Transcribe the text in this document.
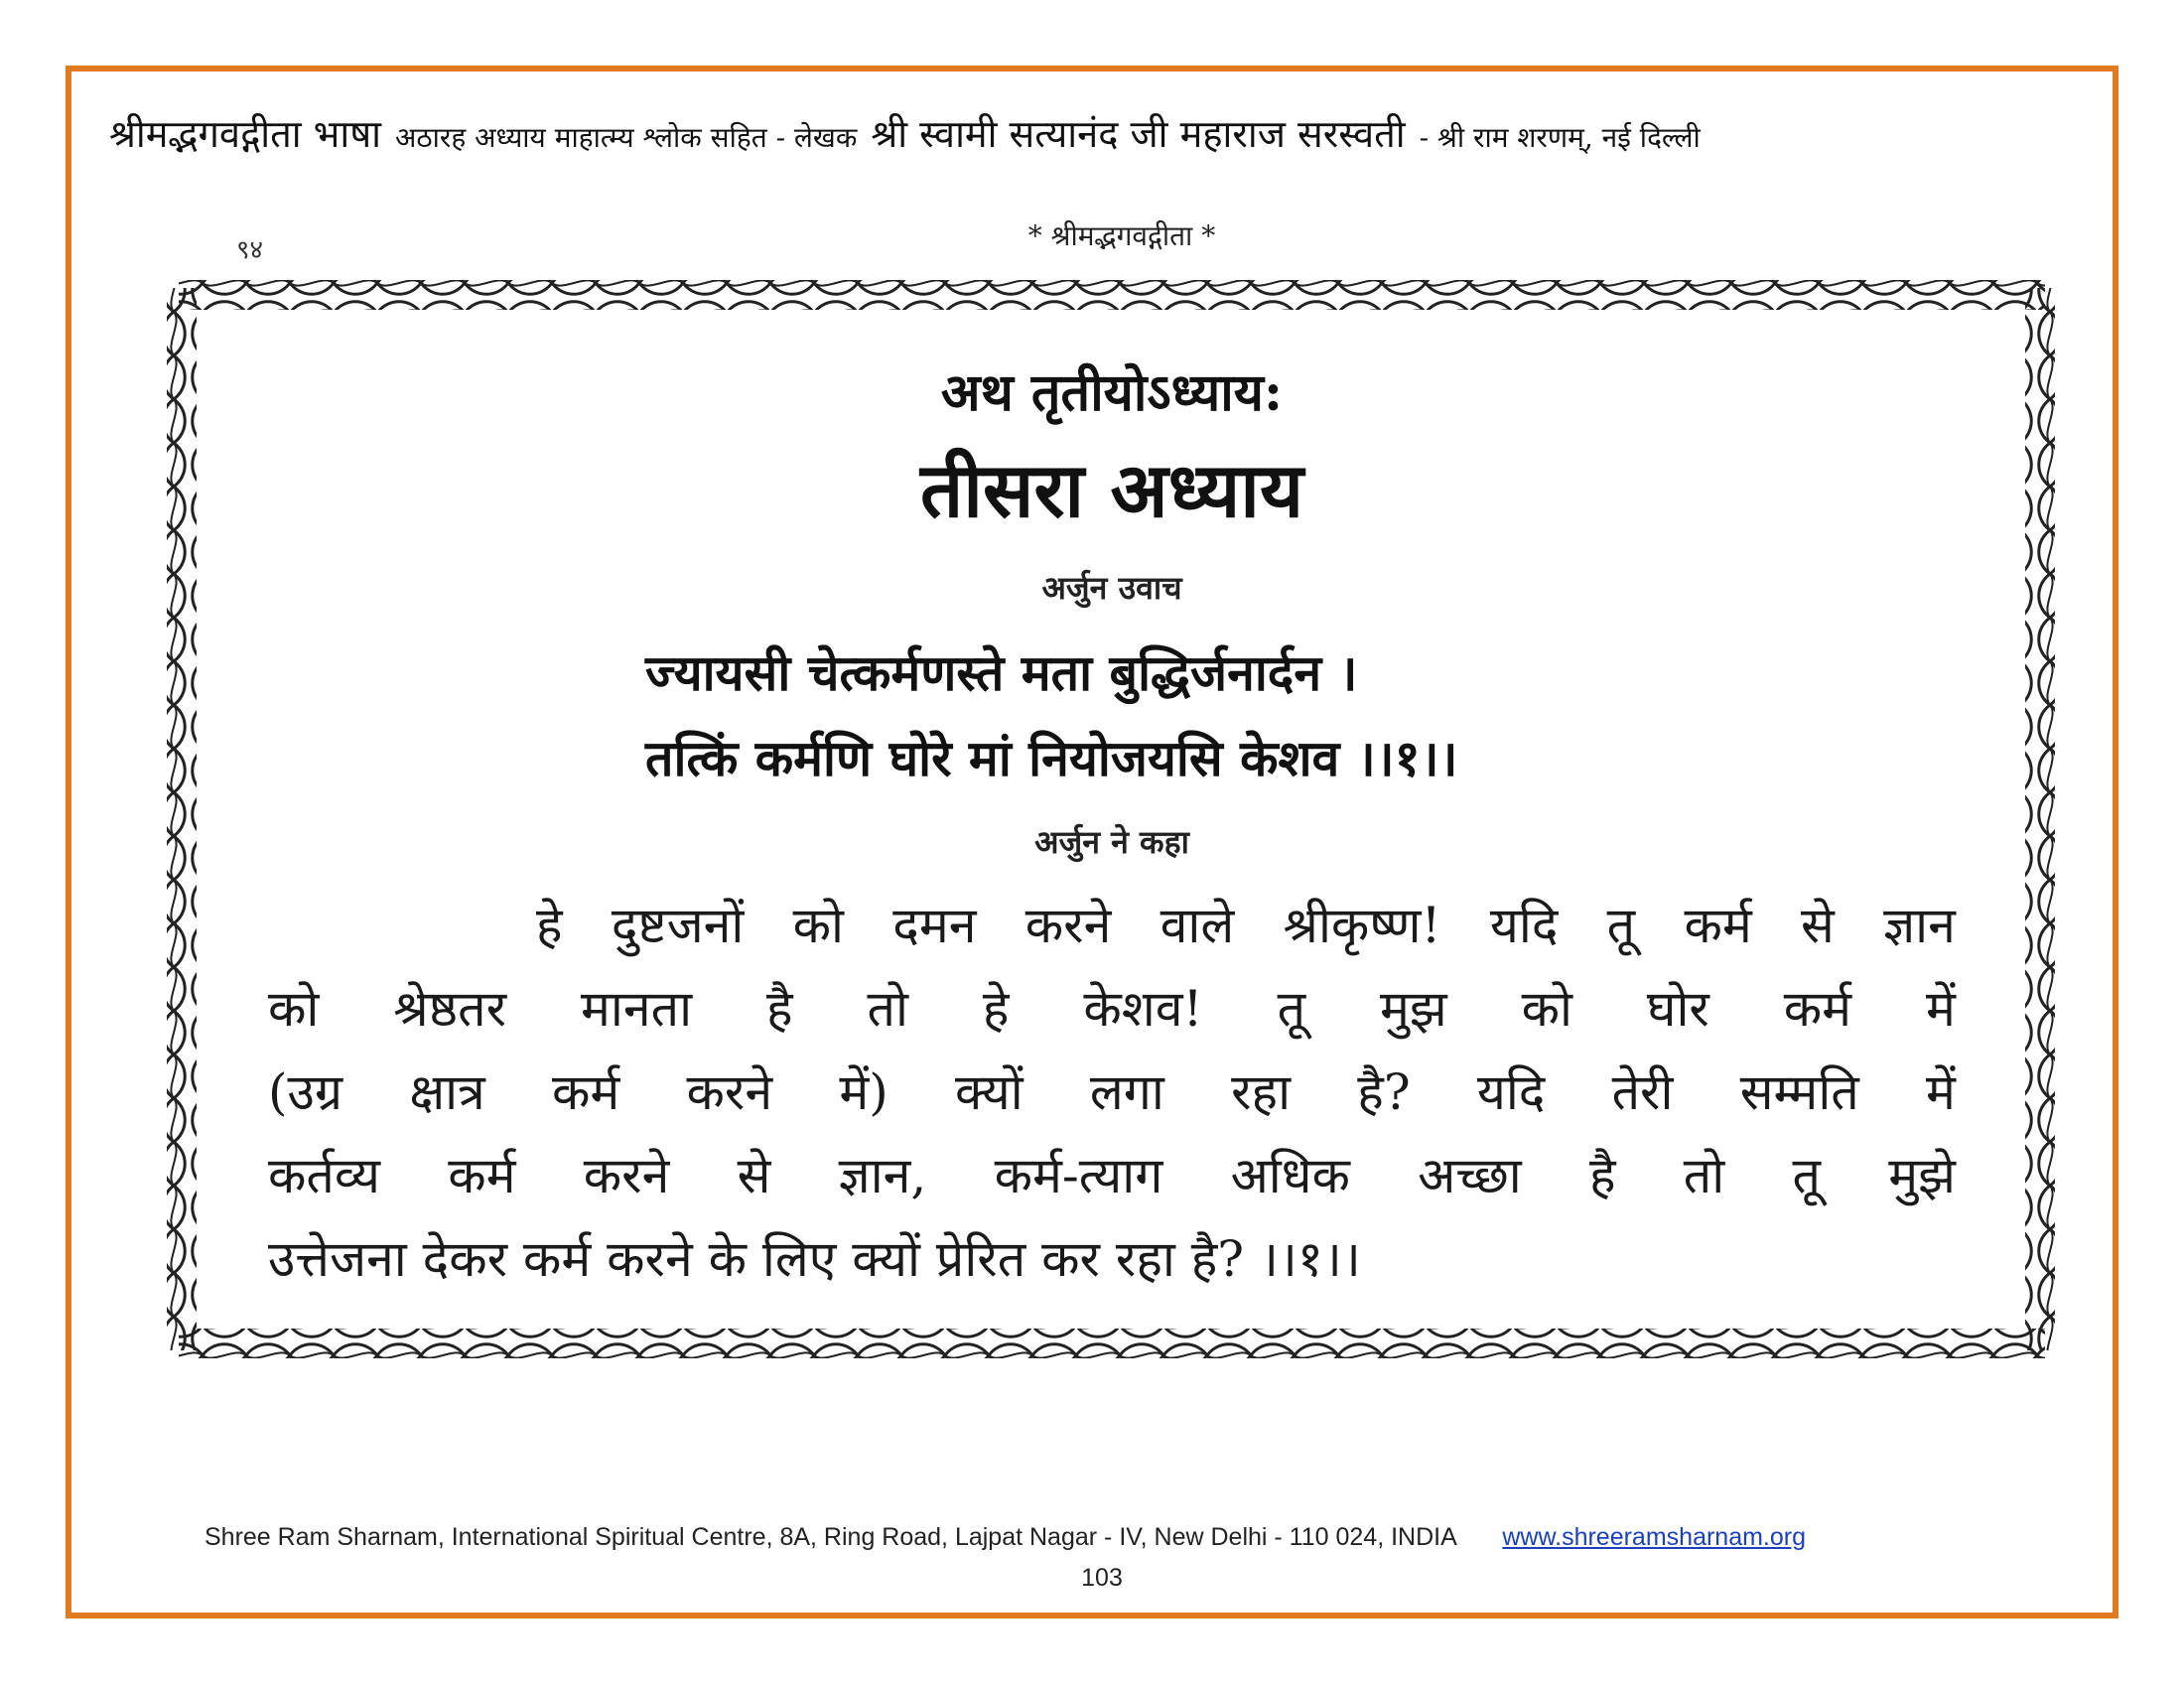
श्रीमद्भगवद्गीता भाषा अठारह अध्याय माहात्म्य श्लोक सहित - लेखक श्री स्वामी सत्यानंद जी महाराज सरस्वती - श्री राम शरणम्, नई दिल्ली
९४	* श्रीमद्भगवद्गीता *
अथ तृतीयोऽध्याय:
तीसरा अध्याय
अर्जुन उवाच
ज्यायसी चेत्कर्मणस्ते मता बुद्धिर्जनार्दन ।
तत्किं कर्मणि घोरे मां नियोजयसि केशव ।।१।।
अर्जुन ने कहा
हे दुष्टजनों को दमन करने वाले श्रीकृष्ण! यदि तू कर्म से ज्ञान
को श्रेष्ठतर मानता है तो हे केशव! तू मुझ को घोर कर्म में
(उग्र क्षात्र कर्म करने में) क्यों लगा रहा है? यदि तेरी सम्मति में
कर्तव्य कर्म करने से ज्ञान, कर्म-त्याग अधिक अच्छा है तो तू मुझे
उत्तेजना देकर कर्म करने के लिए क्यों प्रेरित कर रहा है? ।।१।।
Shree Ram Sharnam, International Spiritual Centre, 8A, Ring Road, Lajpat Nagar - IV, New Delhi - 110 024, INDIA www.shreeramsharnam.org
103
